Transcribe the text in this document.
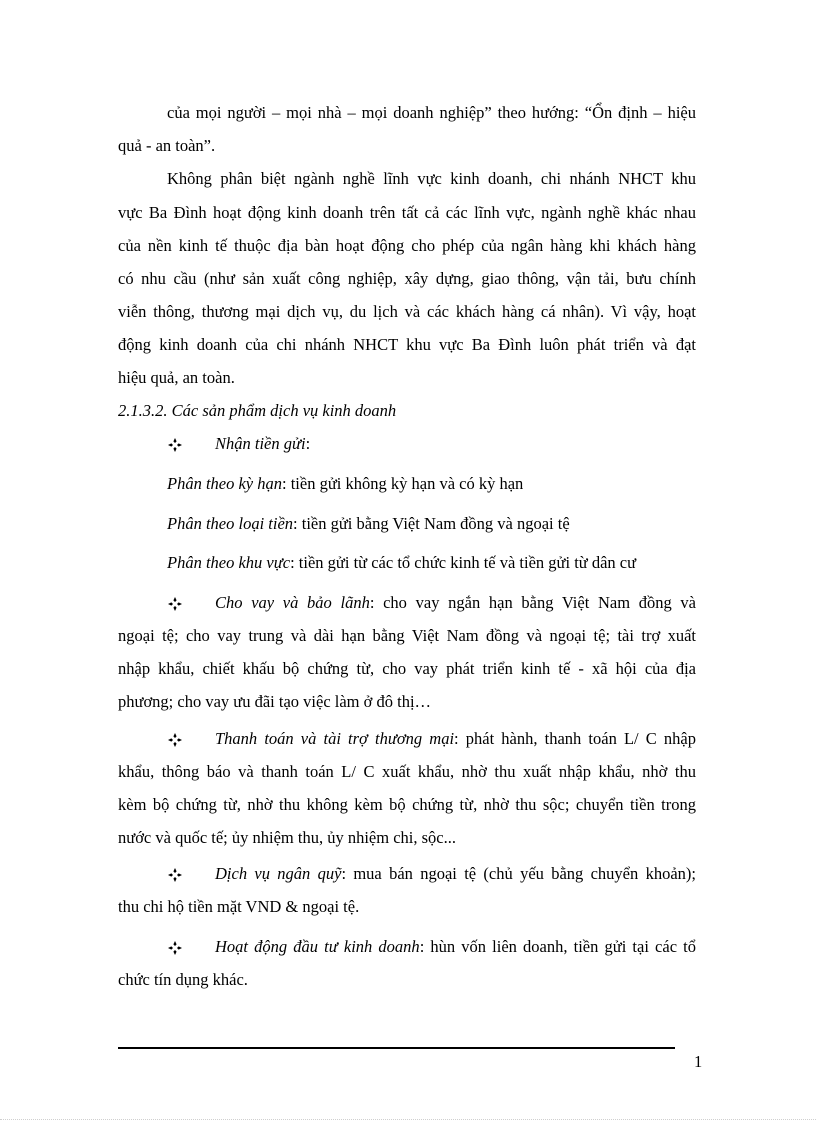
của mọi người – mọi nhà – mọi doanh nghiệp” theo hướng: “Ổn định – hiệu
quả - an toàn”.
Không phân biệt ngành nghề lĩnh vực kinh doanh, chi nhánh NHCT khu
vực Ba Đình hoạt động kinh doanh trên tất cả các lĩnh vực, ngành nghề khác nhau
của nền kinh tế thuộc địa bàn hoạt động cho phép của ngân hàng khi khách hàng
có nhu cầu (như sản xuất công nghiệp, xây dựng, giao thông, vận tải, bưu chính
viễn thông, thương mại dịch vụ, du lịch và các khách hàng cá nhân). Vì vậy, hoạt
động kinh doanh của chi nhánh NHCT khu vực Ba Đình luôn phát triển và đạt
hiệu quả, an toàn.
2.1.3.2. Các sản phẩm dịch vụ kinh doanh
Nhận tiền gửi:
Phân theo kỳ hạn: tiền gửi không kỳ hạn và có kỳ hạn
Phân theo loại tiền: tiền gửi bằng Việt Nam đồng và ngoại tệ
Phân theo khu vực: tiền gửi từ các tổ chức kinh tế và tiền gửi từ dân cư
Cho vay và bảo lãnh: cho vay ngắn hạn bằng Việt Nam đồng và
ngoại tệ; cho vay trung và dài hạn bằng Việt Nam đồng và ngoại tệ; tài trợ xuất
nhập khẩu, chiết khấu bộ chứng từ, cho vay phát triển kinh tế - xã hội của địa
phương; cho vay ưu đãi tạo việc làm ở đô thị…
Thanh toán và tài trợ thương mại: phát hành, thanh toán L/ C nhập
khẩu, thông báo và thanh toán L/ C xuất khẩu, nhờ thu xuất nhập khẩu, nhờ thu
kèm bộ chứng từ, nhờ thu không kèm bộ chứng từ, nhờ thu sộc; chuyển tiền trong
nước và quốc tế; ủy nhiệm thu, ủy nhiệm chi, sộc...
Dịch vụ ngân quỹ: mua bán ngoại tệ (chủ yếu bằng chuyển khoản);
thu chi hộ tiền mặt VND & ngoại tệ.
Hoạt động đầu tư kinh doanh: hùn vốn liên doanh, tiền gửi tại các tổ
chức tín dụng khác.
1
